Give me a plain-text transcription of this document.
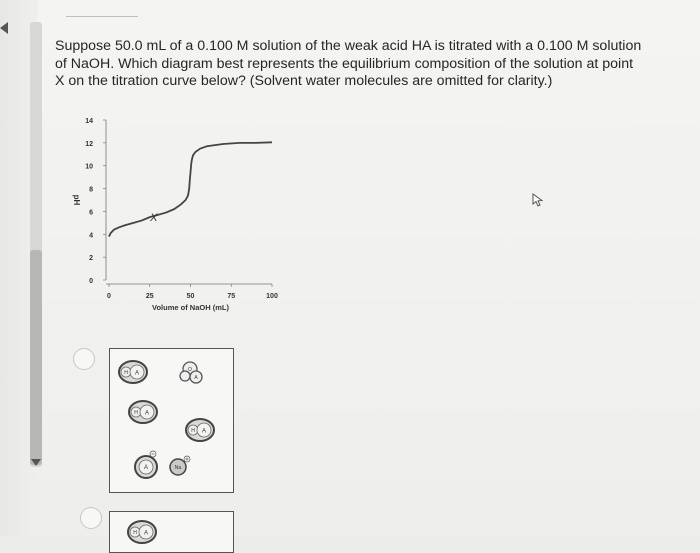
Suppose 50.0 mL of a 0.100 M solution of the weak acid HA is titrated with a 0.100 M solution of NaOH. Which diagram best represents the equilibrium composition of the solution at point X on the titration curve below? (Solvent water molecules are omitted for clarity.)
0
2
4
6
8
10
12
14
0	25	50	75	100
pH
Volume of NaOH (mL)
X
H A
O
A
H A
H A
A	Na
H A
